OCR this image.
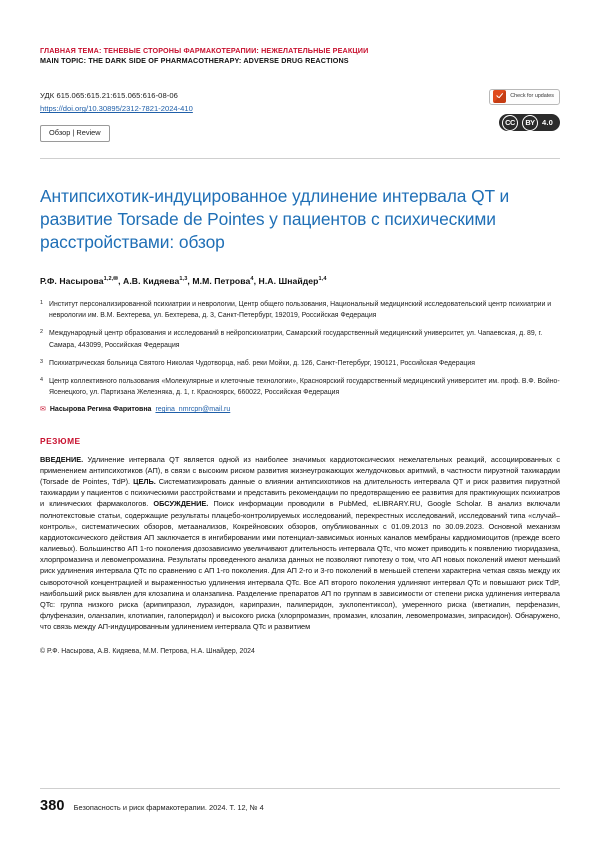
ГЛАВНАЯ ТЕМА: ТЕНЕВЫЕ СТОРОНЫ ФАРМАКОТЕРАПИИ: НЕЖЕЛАТЕЛЬНЫЕ РЕАКЦИИ
MAIN TOPIC: THE DARK SIDE OF PHARMACOTHERAPY: ADVERSE DRUG REACTIONS
УДК 615.065:615.21:615.065:616-08-06
https://doi.org/10.30895/2312-7821-2024-410
Обзор | Review
Check for updates
CC	BY 4.0
Антипсихотик-индуцированное удлинение интервала QT и развитие Torsade de Pointes у пациентов с психическими расстройствами: обзор
Р.Ф. Насырова$^{1,2,✉}$, А.В. Кидяева$^{1,3}$, М.М. Петрова$^4$, Н.А. Шнайдер$^{1,4}$
1 Институт персонализированной психиатрии и неврологии, Центр общего пользования, Национальный медицинский исследовательский центр психиатрии и неврологии им. В.М. Бехтерева, ул. Бехтерева, д. 3, Санкт-Петербург, 192019, Российская Федерация
2 Международный центр образования и исследований в нейропсихиатрии, Самарский государственный медицинский университет, ул. Чапаевская, д. 89, г. Самара, 443099, Российская Федерация
3 Психиатрическая больница Святого Николая Чудотворца, наб. реки Мойки, д. 126, Санкт-Петербург, 190121, Российская Федерация
4 Центр коллективного пользования «Молекулярные и клеточные технологии», Красноярский государственный медицинский университет им. проф. В.Ф. Войно-Ясенецкого, ул. Партизана Железняка, д. 1, г. Красноярск, 660022, Российская Федерация
✉ Насырова Регина Фаритовна regina_nmrcpn@mail.ru
РЕЗЮМЕ

ВВЕДЕНИЕ. Удлинение интервала QT является одной из наиболее значимых кардиотоксических нежелательных реакций, ассоциированных с применением антипсихотиков (АП), в связи с высоким риском развития жизнеугрожающих желудочковых аритмий, в частности пируэтной тахикардии (Torsade de Pointes, TdP). ЦЕЛЬ. Систематизировать данные о влиянии антипсихотиков на длительность интервала QT и риск развития пируэтной тахикардии у пациентов с психическими расстройствами и представить рекомендации по предотвращению ее развития для практикующих психиатров и клинических фармакологов. ОБСУЖДЕНИЕ. Поиск информации проводили в PubMed, eLIBRARY.RU, Google Scholar. В анализ включали полнотекстовые статьи, содержащие результаты плацебо-контролируемых исследований, перекрестных исследований, исследований типа «случай–контроль», систематических обзоров, метаанализов, Кокрейновских обзоров, опубликованных с 01.09.2013 по 30.09.2023. Основной механизм кардиотоксического действия АП заключается в ингибировании ими потенциал-зависимых ионных каналов мембраны кардиомиоцитов (прежде всего калиевых). Большинство АП 1-го поколения дозозависимо увеличивают длительность интервала QTc, что может приводить к появлению тиоридазина, хлорпромазина и левомепромазина. Результаты проведенного анализа данных не позволяют гипотезу о том, что АП новых поколений имеют меньший риск удлинения интервала QTc по сравнению с АП 1-го поколения. Для АП 2-го и 3-го поколений в меньшей степени характерна четкая связь между их сывороточной концентрацией и выраженностью удлинения интервала QTc. Все АП второго поколения удлиняют интервал QTc и повышают риск TdP, наибольший риск выявлен для клозапина и оланзапина. Разделение препаратов АП по группам в зависимости от степени риска удлинения интервала QTc: группа низкого риска (арипипразол, луразидон, карипразин, палиперидон, зуклопентиксол), умеренного риска (кветиапин, перфеназин, флуфеназин, оланзапин, клотиапин, галоперидол) и высокого риска (хлорпромазин, промазин, клозапин, левомепромазин, зипрасидон). Обнаружено, что связь между АП-индуцированным удлинением интервала QTc и развитием

© Р.Ф. Насырова, А.В. Кидяева, М.М. Петрова, Н.А. Шнайдер, 2024
380 Безопасность и риск фармакотерапии. 2024. Т. 12, № 4
